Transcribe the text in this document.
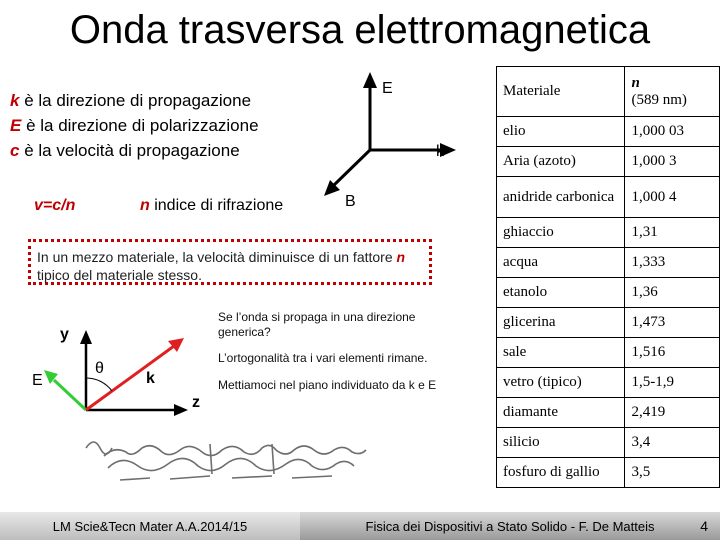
Onda trasversa elettromagnetica
k è la direzione di propagazione
E è la direzione di polarizzazione
c è la velocità di propagazione
v=c/n	n indice di rifrazione
E
k
B
In un mezzo materiale, la velocità diminuisce di un fattore n tipico del materiale stesso.
y
E
θ
k
z
Se l’onda si propaga in una direzione
generica?
L’ortogonalità tra i vari elementi rimane.
Mettiamoci nel piano individuato da k e E
Materiale	n
(589 nm)

elio	1,000 03
Aria (azoto)	1,000 3
anidride carbonica	1,000 4
ghiaccio	1,31
acqua	1,333
etanolo	1,36
glicerina	1,473
sale	1,516
vetro (tipico)	1,5-1,9
diamante	2,419
silicio	3,4
fosfuro di gallio	3,5
LM Scie&Tecn Mater A.A.2014/15	Fisica dei Dispositivi a Stato Solido - F. De Matteis	4
